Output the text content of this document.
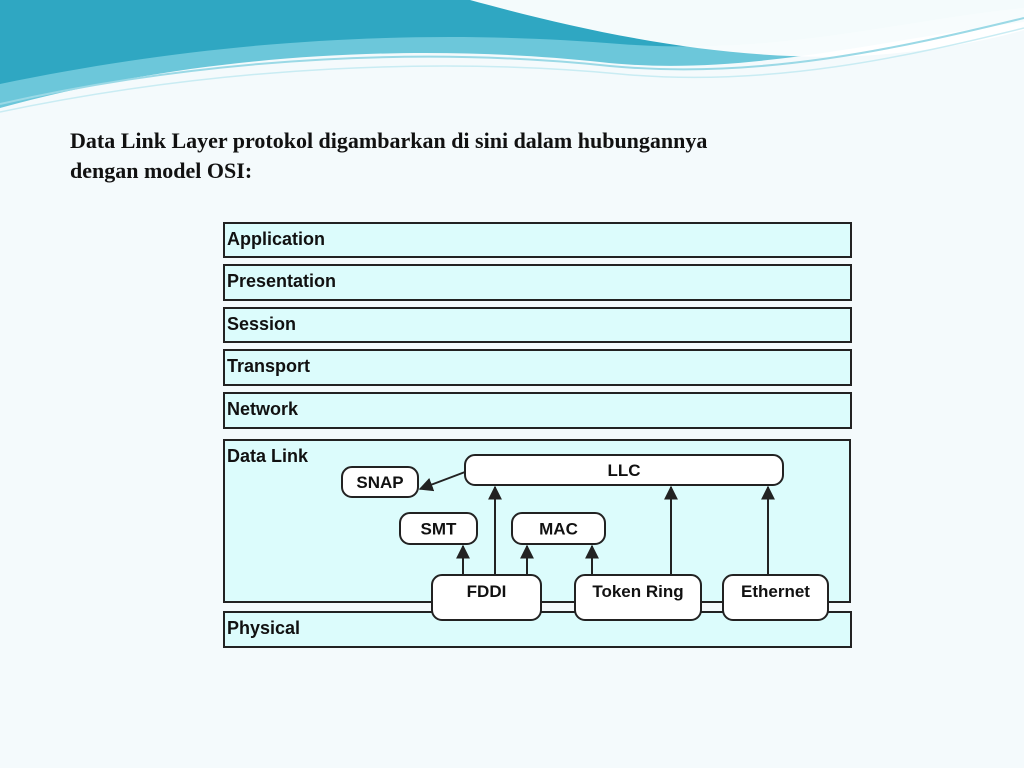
Data Link Layer protokol digambarkan di sini dalam hubungannya
dengan model OSI:
Application
Presentation
Session
Transport
Network
Data Link
Physical
SNAP
LLC
SMT	MAC
FDDI	Token Ring	Ethernet
